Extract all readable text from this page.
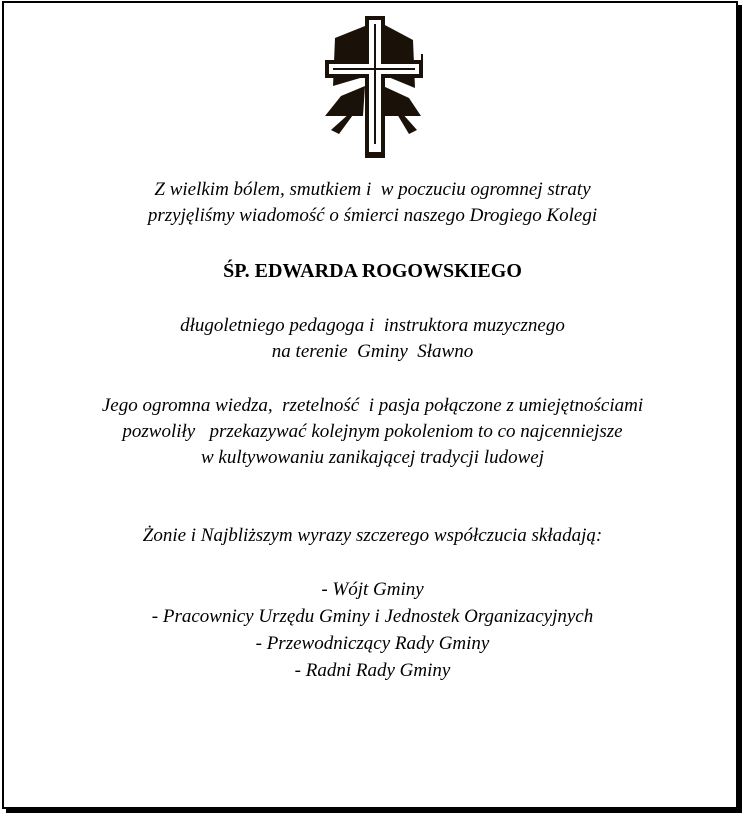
Z wielkim bólem, smutkiem i  w poczuciu ogromnej straty
przyjęliśmy wiadomość o śmierci naszego Drogiego Kolegi
ŚP. EDWARDA ROGOWSKIEGO
długoletniego pedagoga i  instruktora muzycznego
na terenie  Gminy  Sławno
Jego ogromna wiedza,  rzetelność  i pasja połączone z umiejętnościami
pozwoliły   przekazywać kolejnym pokoleniom to co najcenniejsze
w kultywowaniu zanikającej tradycji ludowej
Żonie i Najbliższym wyrazy szczerego współczucia składają:
- Wójt Gminy
- Pracownicy Urzędu Gminy i Jednostek Organizacyjnych
- Przewodniczący Rady Gminy
- Radni Rady Gminy
